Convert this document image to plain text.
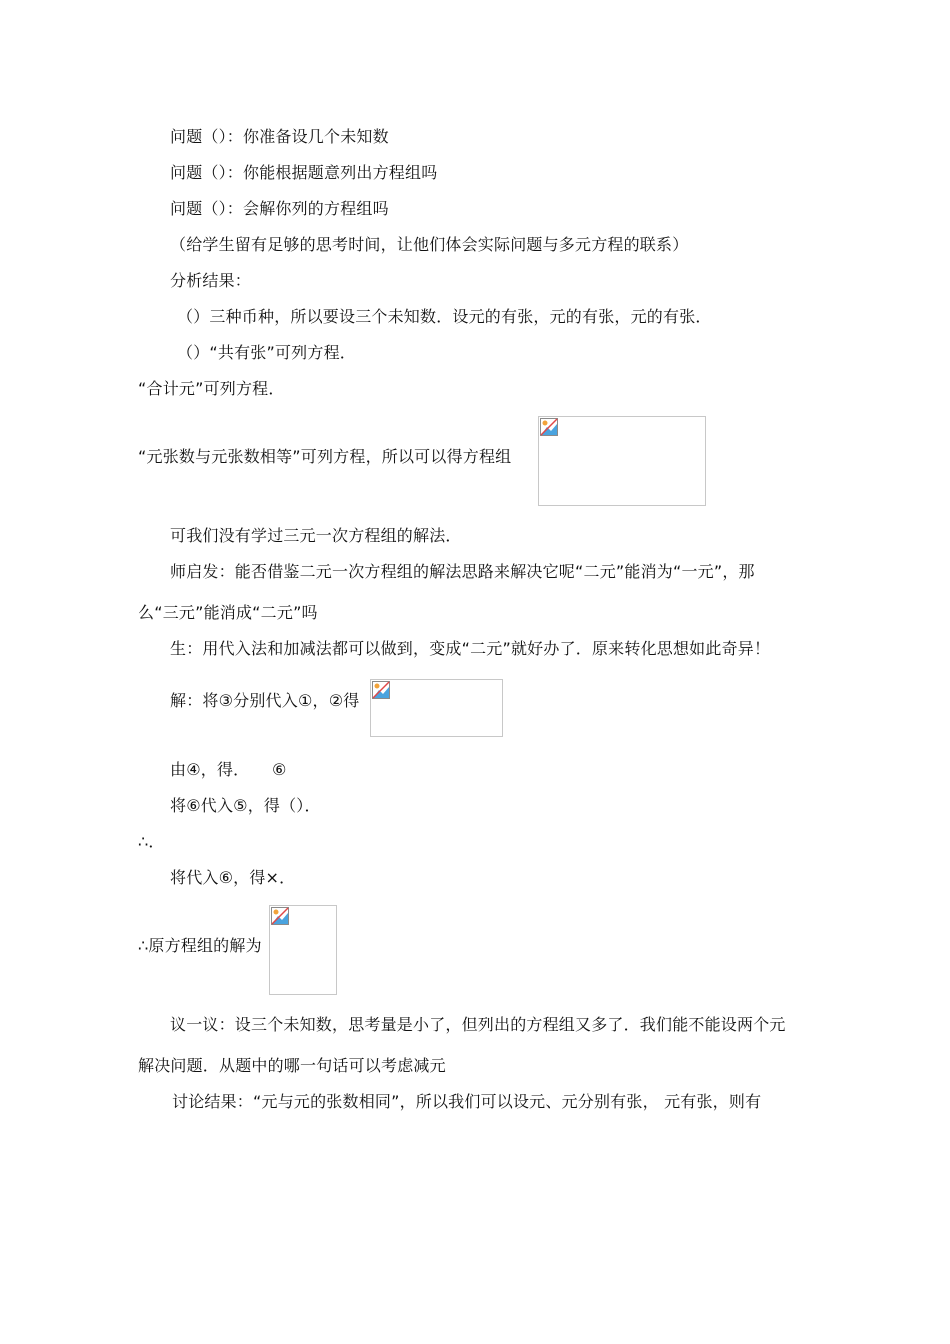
问题（）：你准备设几个未知数
问题（）：你能根据题意列出方程组吗
问题（）：会解你列的方程组吗
（给学生留有足够的思考时间，让他们体会实际问题与多元方程的联系）
分析结果：
（）三种币种，所以要设三个未知数．设元的有张，元的有张，元的有张．
（）“共有张”可列方程．
“合计元”可列方程．
“元张数与元张数相等”可列方程，所以可以得方程组
可我们没有学过三元一次方程组的解法．
师启发：能否借鉴二元一次方程组的解法思路来解决它呢“二元”能消为“一元”，那
么“三元”能消成“二元”吗
生：用代入法和加减法都可以做到，变成“二元”就好办了．原来转化思想如此奇异！
解：将③分别代入①，②得
由④，得． ⑥
将⑥代入⑤，得（）．
∴．
将代入⑥，得×．
∴原方程组的解为
议一议：设三个未知数，思考量是小了，但列出的方程组又多了．我们能不能设两个元
解决问题．从题中的哪一句话可以考虑减元
讨论结果：“元与元的张数相同”，所以我们可以设元、元分别有张， 元有张，则有
